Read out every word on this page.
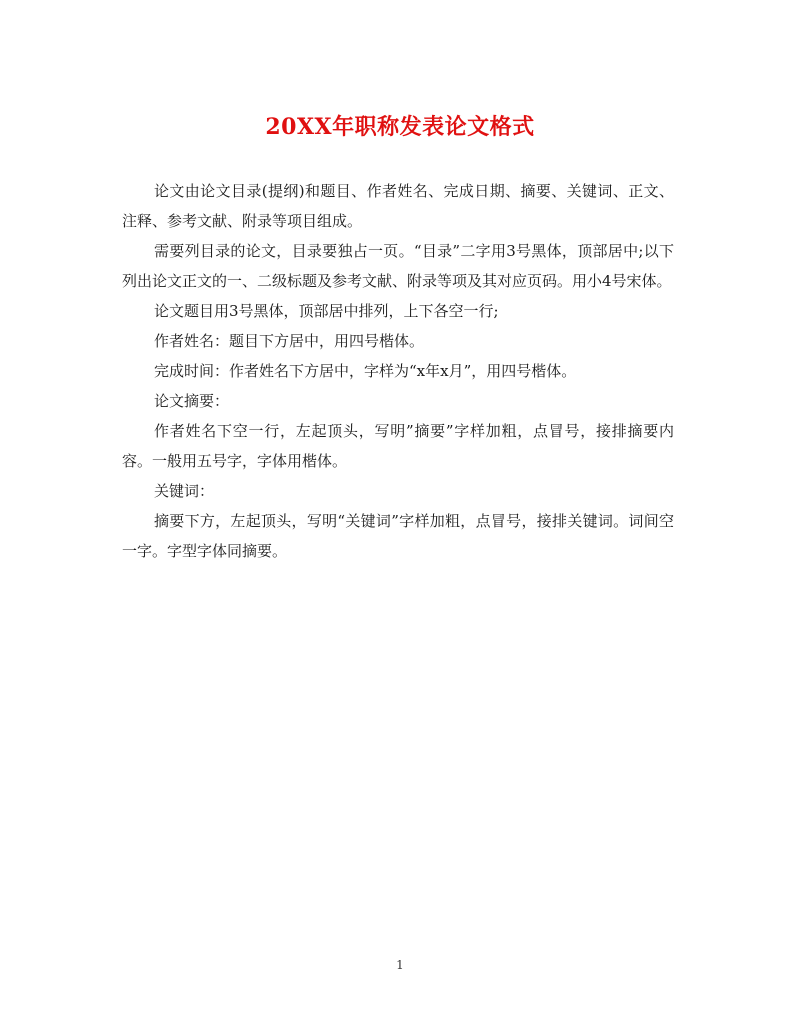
20XX年职称发表论文格式

论文由论文目录(提纲)和题目、作者姓名、完成日期、摘要、关键词、正文、注释、参考文献、附录等项目组成。

需要列目录的论文，目录要独占一页。“目录”二字用3号黑体，顶部居中;以下列出论文正文的一、二级标题及参考文献、附录等项及其对应页码。用小4号宋体。

论文题目用3号黑体，顶部居中排列，上下各空一行;

作者姓名：题目下方居中，用四号楷体。

完成时间：作者姓名下方居中，字样为“x年x月”，用四号楷体。

论文摘要：

作者姓名下空一行，左起顶头，写明”摘要”字样加粗，点冒号，接排摘要内容。一般用五号字，字体用楷体。

关键词：

摘要下方，左起顶头，写明“关键词”字样加粗，点冒号，接排关键词。词间空一字。字型字体同摘要。

1
